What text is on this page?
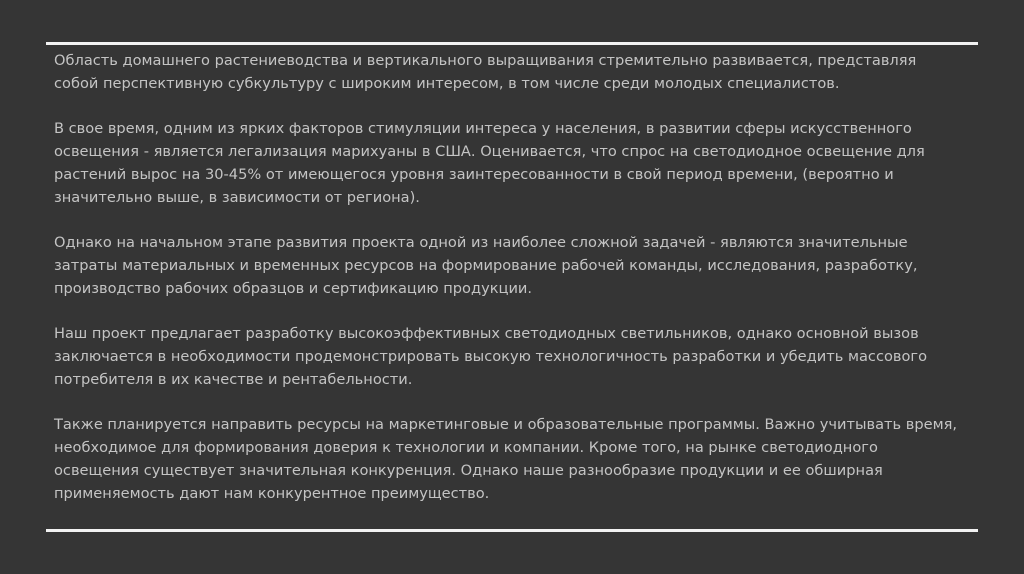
Область домашнего растениеводства и вертикального выращивания стремительно развивается, представляя собой перспективную субкультуру с широким интересом, в том числе среди молодых специалистов.

В свое время, одним из ярких факторов стимуляции интереса у населения, в развитии сферы искусственного освещения - является легализация марихуаны в США. Оценивается, что спрос на светодиодное освещение для растений вырос на 30-45% от имеющегося уровня заинтересованности в свой период времени, (вероятно и значительно выше, в зависимости от региона).

Однако на начальном этапе развития проекта одной из наиболее сложной задачей - являются значительные затраты материальных и временных ресурсов на формирование рабочей команды, исследования, разработку, производство рабочих образцов и сертификацию продукции.

Наш проект предлагает разработку высокоэффективных светодиодных светильников, однако основной вызов заключается в необходимости продемонстрировать высокую технологичность разработки и убедить массового потребителя в их качестве и рентабельности.

Также планируется направить ресурсы на маркетинговые и образовательные программы. Важно учитывать время, необходимое для формирования доверия к технологии и компании. Кроме того, на рынке светодиодного освещения существует значительная конкуренция. Однако наше разнообразие продукции и ее обширная применяемость дают нам конкурентное преимущество.
